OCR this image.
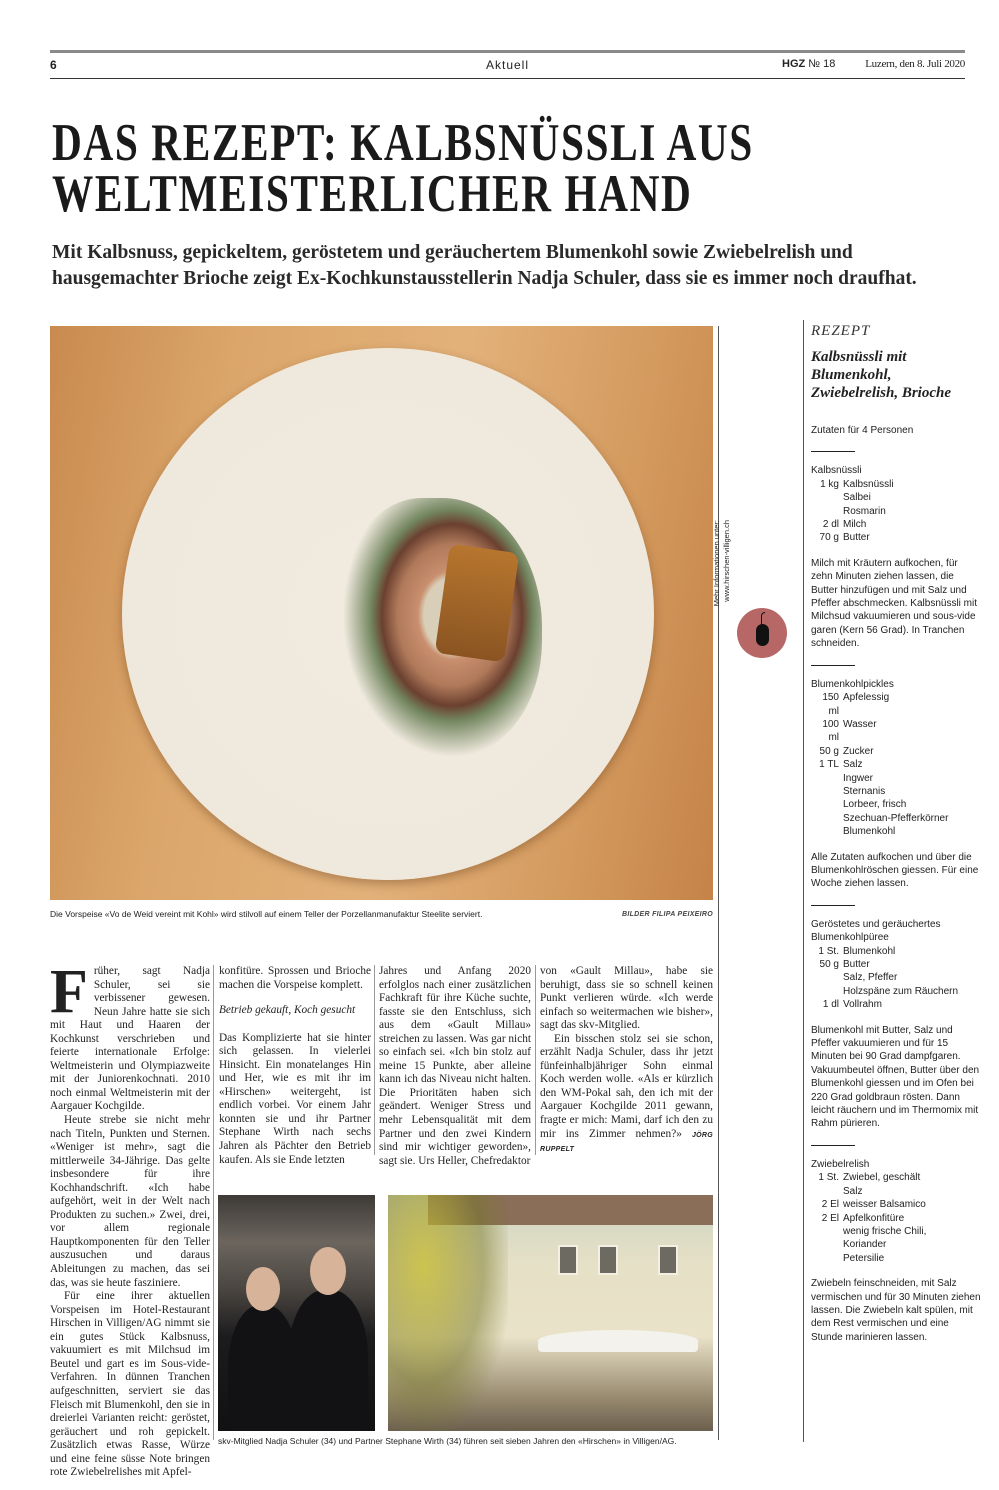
6	Aktuell	HGZ № 18	Luzern, den 8. Juli 2020
DAS REZEPT: KALBSNÜSSLI AUS
WELTMEISTERLICHER HAND
Mit Kalbsnuss, gepickeltem, geröstetem und geräuchertem Blumenkohl sowie Zwiebelrelish und hausgemachter Brioche zeigt Ex-Kochkunstausstellerin Nadja Schuler, dass sie es immer noch draufhat.
Die Vorspeise «Vo de Weid vereint mit Kohl» wird stilvoll auf einem Teller der Porzellanmanufaktur Steelite serviert.	BILDER FILIPA PEIXEIRO
Mehr Informationen unter: www.hirschen-villigen.ch

Früher, sagt Nadja Schuler, sei sie verbissener gewesen. Neun Jahre hatte sie sich mit Haut und Haaren der Kochkunst verschrieben und feierte internationale Erfolge: Weltmeisterin und Olympiazweite mit der Juniorenkochnati. 2010 noch einmal Weltmeisterin mit der Aargauer Kochgilde.

Heute strebe sie nicht mehr nach Titeln, Punkten und Sternen. «Weniger ist mehr», sagt die mittlerweile 34-Jährige. Das gelte insbesondere für ihre Kochhandschrift. «Ich habe aufgehört, weit in der Welt nach Produkten zu suchen.» Zwei, drei, vor allem regionale Hauptkomponenten für den Teller auszusuchen und daraus Ableitungen zu machen, das sei das, was sie heute fasziniere.

Für eine ihrer aktuellen Vorspeisen im Hotel-Restaurant Hirschen in Villigen/AG nimmt sie ein gutes Stück Kalbsnuss, vakuumiert es mit Milchsud im Beutel und gart es im Sous-vide-Verfahren. In dünnen Tranchen aufgeschnitten, serviert sie das Fleisch mit Blumenkohl, den sie in dreierlei Varianten reicht: geröstet, geräuchert und roh gepickelt. Zusätzlich etwas Rasse, Würze und eine feine süsse Note bringen rote Zwiebelrelishes mit Apfel-

konfitüre. Sprossen und Brioche machen die Vorspeise komplett.

Betrieb gekauft, Koch gesucht

Das Komplizierte hat sie hinter sich gelassen. In vielerlei Hinsicht. Ein monatelanges Hin und Her, wie es mit ihr im «Hirschen» weitergeht, ist endlich vorbei. Vor einem Jahr konnten sie und ihr Partner Stephane Wirth nach sechs Jahren als Pächter den Betrieb kaufen. Als sie Ende letzten

Jahres und Anfang 2020 erfolglos nach einer zusätzlichen Fachkraft für ihre Küche suchte, fasste sie den Entschluss, sich aus dem «Gault Millau» streichen zu lassen. Was gar nicht so einfach sei. «Ich bin stolz auf meine 15 Punkte, aber alleine kann ich das Niveau nicht halten. Die Prioritäten haben sich geändert. Weniger Stress und mehr Lebensqualität mit dem Partner und den zwei Kindern sind mir wichtiger geworden», sagt sie. Urs Heller, Chefredaktor

von «Gault Millau», habe sie beruhigt, dass sie so schnell keinen Punkt verlieren würde. «Ich werde einfach so weitermachen wie bisher», sagt das skv-Mitglied.

Ein bisschen stolz sei sie schon, erzählt Nadja Schuler, dass ihr jetzt fünfeinhalbjähriger Sohn einmal Koch werden wolle. «Als er kürzlich den WM-Pokal sah, den ich mit der Aargauer Kochgilde 2011 gewann, fragte er mich: Mami, darf ich den zu mir ins Zimmer nehmen?» JÖRG RUPPELT

skv-Mitglied Nadja Schuler (34) und Partner Stephane Wirth (34) führen seit sieben Jahren den «Hirschen» in Villigen/AG.
REZEPT
Kalbsnüssli mit Blumenkohl, Zwiebelrelish, Brioche
Zutaten für 4 Personen
Kalbsnüssli
1 kg Kalbsnüssli
Salbei
Rosmarin
2 dl Milch
70 g Butter
Milch mit Kräutern aufkochen, für zehn Minuten ziehen lassen, die Butter hinzufügen und mit Salz und Pfeffer abschmecken. Kalbsnüssli mit Milchsud vakuumieren und sous-vide garen (Kern 56 Grad). In Tranchen schneiden.
Blumenkohlpickles
150 ml
Apfelessig
100 ml
Wasser
50 g Zucker
1 TL Salz
Ingwer
Sternanis
Lorbeer, frisch
Szechuan-Pfefferkörner
Blumenkohl
Alle Zutaten aufkochen und über die Blumenkohlröschen giessen. Für eine Woche ziehen lassen.
Geröstetes und geräuchertes Blumenkohlpüree
1 St. Blumenkohl
50 g Butter
Salz, Pfeffer
Holzspäne zum Räuchern
1 dl Vollrahm
Blumenkohl mit Butter, Salz und Pfeffer vakuumieren und für 15 Minuten bei 90 Grad dampfgaren. Vakuumbeutel öffnen, Butter über den Blumenkohl giessen und im Ofen bei 220 Grad goldbraun rösten. Dann leicht räuchern und im Thermomix mit Rahm pürieren.
Zwiebelrelish
1 St. Zwiebel, geschält
Salz
2 El weisser Balsamico
2 El Apfelkonfitüre
wenig frische Chili,
Koriander
Petersilie
Zwiebeln feinschneiden, mit Salz vermischen und für 30 Minuten ziehen lassen. Die Zwiebeln kalt spülen, mit dem Rest vermischen und eine Stunde marinieren lassen.
